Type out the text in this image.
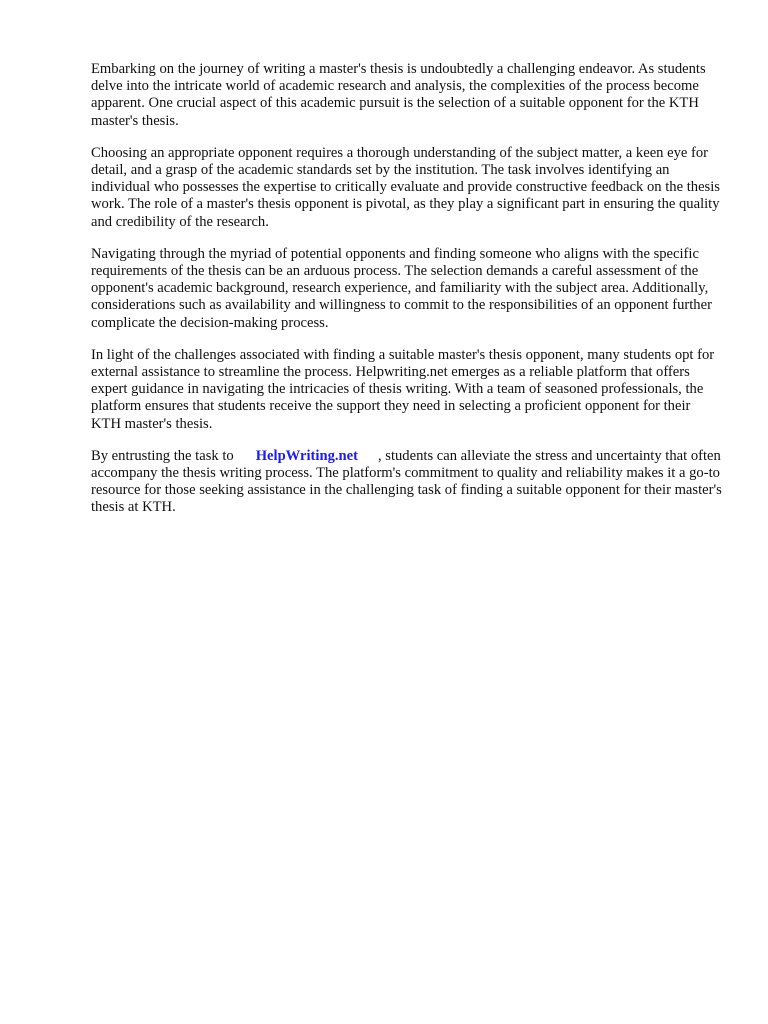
Embarking on the journey of writing a master's thesis is undoubtedly a challenging endeavor. As students delve into the intricate world of academic research and analysis, the complexities of the process become apparent. One crucial aspect of this academic pursuit is the selection of a suitable opponent for the KTH master's thesis.

Choosing an appropriate opponent requires a thorough understanding of the subject matter, a keen eye for detail, and a grasp of the academic standards set by the institution. The task involves identifying an individual who possesses the expertise to critically evaluate and provide constructive feedback on the thesis work. The role of a master's thesis opponent is pivotal, as they play a significant part in ensuring the quality and credibility of the research.

Navigating through the myriad of potential opponents and finding someone who aligns with the specific requirements of the thesis can be an arduous process. The selection demands a careful assessment of the opponent's academic background, research experience, and familiarity with the subject area. Additionally, considerations such as availability and willingness to commit to the responsibilities of an opponent further complicate the decision-making process.

In light of the challenges associated with finding a suitable master's thesis opponent, many students opt for external assistance to streamline the process. Helpwriting.net emerges as a reliable platform that offers expert guidance in navigating the intricacies of thesis writing. With a team of seasoned professionals, the platform ensures that students receive the support they need in selecting a proficient opponent for their KTH master's thesis.

By entrusting the task to HelpWriting.net , students can alleviate the stress and uncertainty that often accompany the thesis writing process. The platform's commitment to quality and reliability makes it a go-to resource for those seeking assistance in the challenging task of finding a suitable opponent for their master's thesis at KTH.
